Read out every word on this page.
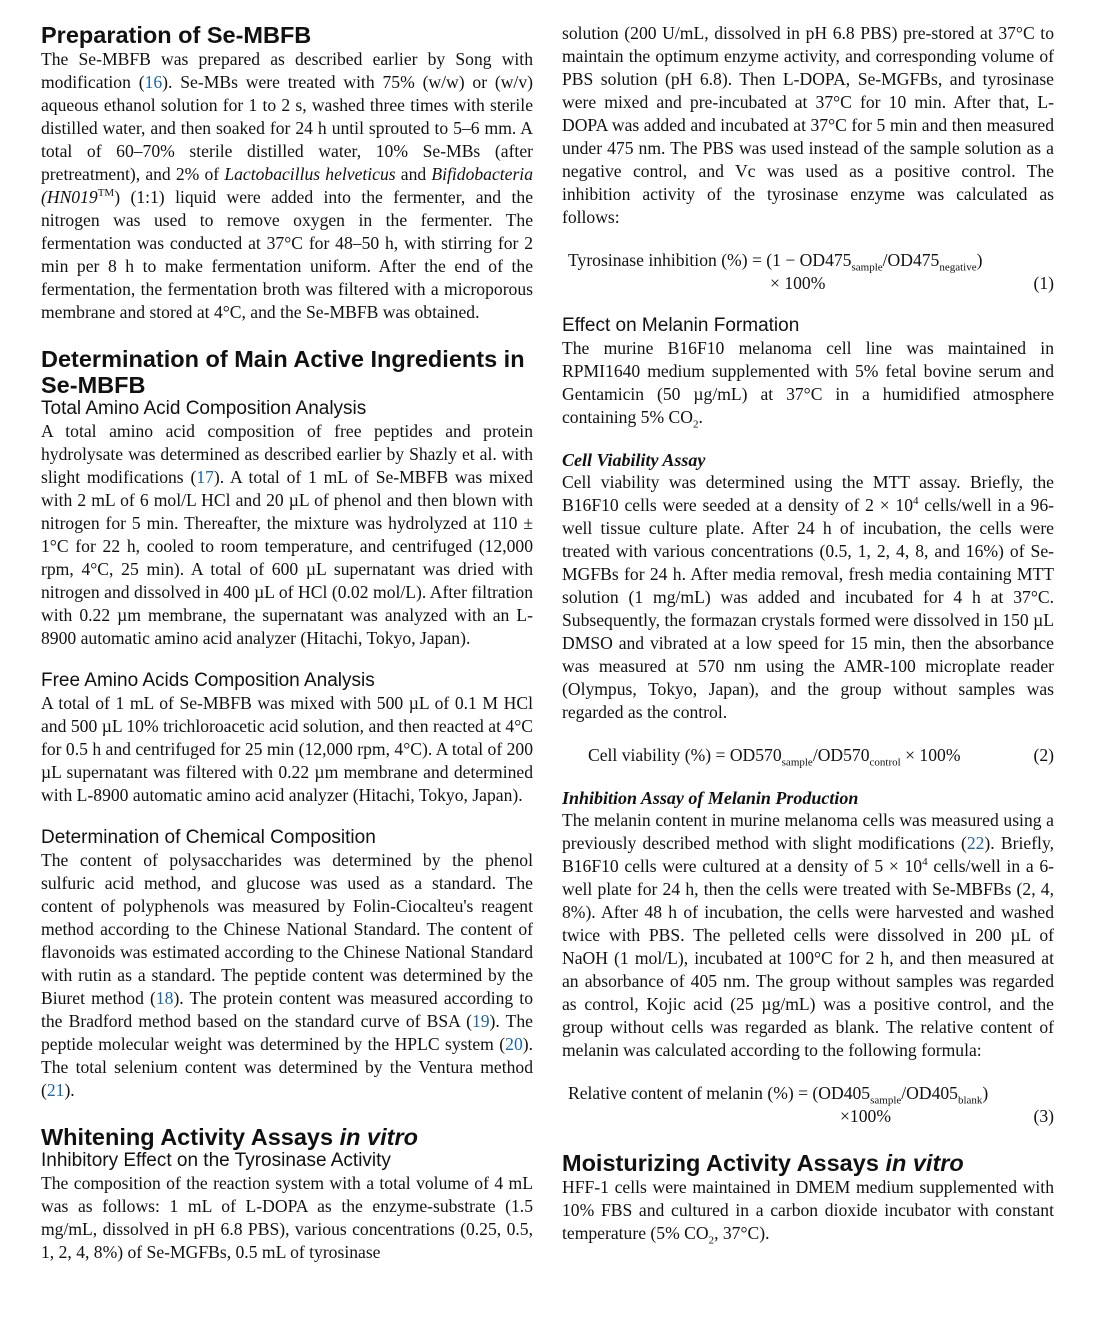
Preparation of Se-MBFB
The Se-MBFB was prepared as described earlier by Song with modification (16). Se-MBs were treated with 75% (w/w) or (w/v) aqueous ethanol solution for 1 to 2 s, washed three times with sterile distilled water, and then soaked for 24 h until sprouted to 5–6 mm. A total of 60–70% sterile distilled water, 10% Se-MBs (after pretreatment), and 2% of Lactobacillus helveticus and Bifidobacteria (HN019™) (1:1) liquid were added into the fermenter, and the nitrogen was used to remove oxygen in the fermenter. The fermentation was conducted at 37°C for 48–50 h, with stirring for 2 min per 8 h to make fermentation uniform. After the end of the fermentation, the fermentation broth was filtered with a microporous membrane and stored at 4°C, and the Se-MBFB was obtained.
Determination of Main Active Ingredients in Se-MBFB
Total Amino Acid Composition Analysis
A total amino acid composition of free peptides and protein hydrolysate was determined as described earlier by Shazly et al. with slight modifications (17). A total of 1 mL of Se-MBFB was mixed with 2 mL of 6 mol/L HCl and 20 µL of phenol and then blown with nitrogen for 5 min. Thereafter, the mixture was hydrolyzed at 110 ± 1°C for 22 h, cooled to room temperature, and centrifuged (12,000 rpm, 4°C, 25 min). A total of 600 µL supernatant was dried with nitrogen and dissolved in 400 µL of HCl (0.02 mol/L). After filtration with 0.22 µm membrane, the supernatant was analyzed with an L-8900 automatic amino acid analyzer (Hitachi, Tokyo, Japan).
Free Amino Acids Composition Analysis
A total of 1 mL of Se-MBFB was mixed with 500 µL of 0.1 M HCl and 500 µL 10% trichloroacetic acid solution, and then reacted at 4°C for 0.5 h and centrifuged for 25 min (12,000 rpm, 4°C). A total of 200 µL supernatant was filtered with 0.22 µm membrane and determined with L-8900 automatic amino acid analyzer (Hitachi, Tokyo, Japan).
Determination of Chemical Composition
The content of polysaccharides was determined by the phenol sulfuric acid method, and glucose was used as a standard. The content of polyphenols was measured by Folin-Ciocalteu's reagent method according to the Chinese National Standard. The content of flavonoids was estimated according to the Chinese National Standard with rutin as a standard. The peptide content was determined by the Biuret method (18). The protein content was measured according to the Bradford method based on the standard curve of BSA (19). The peptide molecular weight was determined by the HPLC system (20). The total selenium content was determined by the Ventura method (21).
Whitening Activity Assays in vitro
Inhibitory Effect on the Tyrosinase Activity
The composition of the reaction system with a total volume of 4 mL was as follows: 1 mL of L-DOPA as the enzyme-substrate (1.5 mg/mL, dissolved in pH 6.8 PBS), various concentrations (0.25, 0.5, 1, 2, 4, 8%) of Se-MGFBs, 0.5 mL of tyrosinase
solution (200 U/mL, dissolved in pH 6.8 PBS) pre-stored at 37°C to maintain the optimum enzyme activity, and corresponding volume of PBS solution (pH 6.8). Then L-DOPA, Se-MGFBs, and tyrosinase were mixed and pre-incubated at 37°C for 10 min. After that, L-DOPA was added and incubated at 37°C for 5 min and then measured under 475 nm. The PBS was used instead of the sample solution as a negative control, and Vc was used as a positive control. The inhibition activity of the tyrosinase enzyme was calculated as follows:
Tyrosinase inhibition (%) = $(1 - OD475_{sample}/OD475_{negative})$
× 100%	(1)
Effect on Melanin Formation
The murine B16F10 melanoma cell line was maintained in RPMI1640 medium supplemented with 5% fetal bovine serum and Gentamicin (50 µg/mL) at 37°C in a humidified atmosphere containing 5% $CO_2$.
Cell Viability Assay
Cell viability was determined using the MTT assay. Briefly, the B16F10 cells were seeded at a density of $2 \times 10^4$ cells/well in a 96-well tissue culture plate. After 24 h of incubation, the cells were treated with various concentrations (0.5, 1, 2, 4, 8, and 16%) of Se-MGFBs for 24 h. After media removal, fresh media containing MTT solution (1 mg/mL) was added and incubated for 4 h at 37°C. Subsequently, the formazan crystals formed were dissolved in 150 µL DMSO and vibrated at a low speed for 15 min, then the absorbance was measured at 570 nm using the AMR-100 microplate reader (Olympus, Tokyo, Japan), and the group without samples was regarded as the control.
Cell viability (%) = $OD570_{sample}/OD570_{control} \times 100\%$	(2)
Inhibition Assay of Melanin Production
The melanin content in murine melanoma cells was measured using a previously described method with slight modifications (22). Briefly, B16F10 cells were cultured at a density of $5 \times 10^4$ cells/well in a 6-well plate for 24 h, then the cells were treated with Se-MBFBs (2, 4, 8%). After 48 h of incubation, the cells were harvested and washed twice with PBS. The pelleted cells were dissolved in 200 µL of NaOH (1 mol/L), incubated at 100°C for 2 h, and then measured at an absorbance of 405 nm. The group without samples was regarded as control, Kojic acid (25 µg/mL) was a positive control, and the group without cells was regarded as blank. The relative content of melanin was calculated according to the following formula:
Relative content of melanin (%) = $(OD405_{sample}/OD405_{blank})$
×100%	(3)
Moisturizing Activity Assays in vitro
HFF-1 cells were maintained in DMEM medium supplemented with 10% FBS and cultured in a carbon dioxide incubator with constant temperature (5% $CO_2$, 37°C).
